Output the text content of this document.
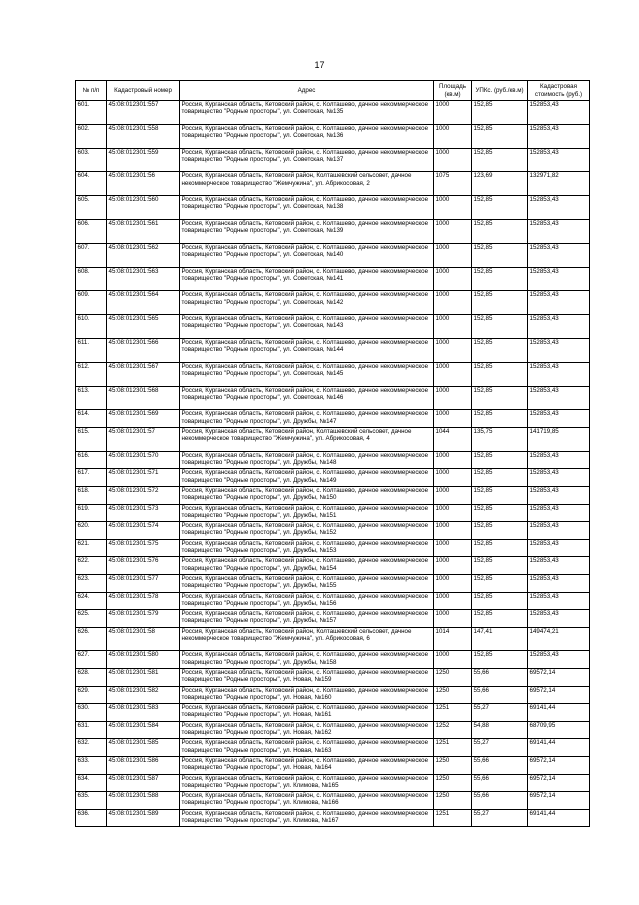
17
№ п/п	Кадастровый номер	Адрес	Площадь (кв.м)	УПКс. (руб./кв.м)	Кадастровая стоимость (руб.)
601.	45:08:012301:557	Россия, Курганская область, Кетовский район, с. Колташево, дачное некоммерческое товарищество "Родные просторы", ул. Советская, №135	1000	152,85	152853,43
602.	45:08:012301:558	Россия, Курганская область, Кетовский район, с. Колташево, дачное некоммерческое товарищество "Родные просторы", ул. Советская, №136	1000	152,85	152853,43
603.	45:08:012301:559	Россия, Курганская область, Кетовский район, с. Колташево, дачное некоммерческое товарищество "Родные просторы", ул. Советская, №137	1000	152,85	152853,43
604.	45:08:012301:56	Россия, Курганская область, Кетовский район, Колташевский сельсовет, дачное некоммерческое товарищество "Жемчужина", ул. Абрикосовая, 2	1075	123,69	132971,82
605.	45:08:012301:560	Россия, Курганская область, Кетовский район, с. Колташево, дачное некоммерческое товарищество "Родные просторы", ул. Советская, №138	1000	152,85	152853,43
606.	45:08:012301:561	Россия, Курганская область, Кетовский район, с. Колташево, дачное некоммерческое товарищество "Родные просторы", ул. Советская, №139	1000	152,85	152853,43
607.	45:08:012301:562	Россия, Курганская область, Кетовский район, с. Колташево, дачное некоммерческое товарищество "Родные просторы", ул. Советская, №140	1000	152,85	152853,43
608.	45:08:012301:563	Россия, Курганская область, Кетовский район, с. Колташево, дачное некоммерческое товарищество "Родные просторы", ул. Советская, №141	1000	152,85	152853,43
609.	45:08:012301:564	Россия, Курганская область, Кетовский район, с. Колташево, дачное некоммерческое товарищество "Родные просторы", ул. Советская, №142	1000	152,85	152853,43
610.	45:08:012301:565	Россия, Курганская область, Кетовский район, с. Колташево, дачное некоммерческое товарищество "Родные просторы", ул. Советская, №143	1000	152,85	152853,43
611.	45:08:012301:566	Россия, Курганская область, Кетовский район, с. Колташево, дачное некоммерческое товарищество "Родные просторы", ул. Советская, №144	1000	152,85	152853,43
612.	45:08:012301:567	Россия, Курганская область, Кетовский район, с. Колташево, дачное некоммерческое товарищество "Родные просторы", ул. Советская, №145	1000	152,85	152853,43
613.	45:08:012301:568	Россия, Курганская область, Кетовский район, с. Колташево, дачное некоммерческое товарищество "Родные просторы", ул. Советская, №146	1000	152,85	152853,43
614.	45:08:012301:569	Россия, Курганская область, Кетовский район, с. Колташево, дачное некоммерческое товарищество "Родные просторы", ул. Дружбы, №147	1000	152,85	152853,43
615.	45:08:012301:57	Россия, Курганская область, Кетовский район, Колташевский сельсовет, дачное некоммерческое товарищество "Жемчужина", ул. Абрикосовая, 4	1044	135,75	141719,85
616.	45:08:012301:570	Россия, Курганская область, Кетовский район, с. Колташево, дачное некоммерческое товарищество "Родные просторы", ул. Дружбы, №148	1000	152,85	152853,43
617.	45:08:012301:571	Россия, Курганская область, Кетовский район, с. Колташево, дачное некоммерческое товарищество "Родные просторы", ул. Дружбы, №149	1000	152,85	152853,43
618.	45:08:012301:572	Россия, Курганская область, Кетовский район, с. Колташево, дачное некоммерческое товарищество "Родные просторы", ул. Дружбы, №150	1000	152,85	152853,43
619.	45:08:012301:573	Россия, Курганская область, Кетовский район, с. Колташево, дачное некоммерческое товарищество "Родные просторы", ул. Дружбы, №151	1000	152,85	152853,43
620.	45:08:012301:574	Россия, Курганская область, Кетовский район, с. Колташево, дачное некоммерческое товарищество "Родные просторы", ул. Дружбы, №152	1000	152,85	152853,43
621.	45:08:012301:575	Россия, Курганская область, Кетовский район, с. Колташево, дачное некоммерческое товарищество "Родные просторы", ул. Дружбы, №153	1000	152,85	152853,43
622.	45:08:012301:576	Россия, Курганская область, Кетовский район, с. Колташево, дачное некоммерческое товарищество "Родные просторы", ул. Дружбы, №154	1000	152,85	152853,43
623.	45:08:012301:577	Россия, Курганская область, Кетовский район, с. Колташево, дачное некоммерческое товарищество "Родные просторы", ул. Дружбы, №155	1000	152,85	152853,43
624.	45:08:012301:578	Россия, Курганская область, Кетовский район, с. Колташево, дачное некоммерческое товарищество "Родные просторы", ул. Дружбы, №156	1000	152,85	152853,43
625.	45:08:012301:579	Россия, Курганская область, Кетовский район, с. Колташево, дачное некоммерческое товарищество "Родные просторы", ул. Дружбы, №157	1000	152,85	152853,43
626.	45:08:012301:58	Россия, Курганская область, Кетовский район, Колташевский сельсовет, дачное некоммерческое товарищество "Жемчужина", ул. Абрикосовая, 6	1014	147,41	149474,21
627.	45:08:012301:580	Россия, Курганская область, Кетовский район, с. Колташево, дачное некоммерческое товарищество "Родные просторы", ул. Дружбы, №158	1000	152,85	152853,43
628.	45:08:012301:581	Россия, Курганская область, Кетовский район, с. Колташево, дачное некоммерческое товарищество "Родные просторы", ул. Новая, №159	1250	55,66	69572,14
629.	45:08:012301:582	Россия, Курганская область, Кетовский район, с. Колташево, дачное некоммерческое товарищество "Родные просторы", ул. Новая, №160	1250	55,66	69572,14
630.	45:08:012301:583	Россия, Курганская область, Кетовский район, с. Колташево, дачное некоммерческое товарищество "Родные просторы", ул. Новая, №161	1251	55,27	69141,44
631.	45:08:012301:584	Россия, Курганская область, Кетовский район, с. Колташево, дачное некоммерческое товарищество "Родные просторы", ул. Новая, №162	1252	54,88	68709,95
632.	45:08:012301:585	Россия, Курганская область, Кетовский район, с. Колташево, дачное некоммерческое товарищество "Родные просторы", ул. Новая, №163	1251	55,27	69141,44
633.	45:08:012301:586	Россия, Курганская область, Кетовский район, с. Колташево, дачное некоммерческое товарищество "Родные просторы", ул. Новая, №164	1250	55,66	69572,14
634.	45:08:012301:587	Россия, Курганская область, Кетовский район, с. Колташево, дачное некоммерческое товарищество "Родные просторы", ул. Климова, №165	1250	55,66	69572,14
635.	45:08:012301:588	Россия, Курганская область, Кетовский район, с. Колташево, дачное некоммерческое товарищество "Родные просторы", ул. Климова, №166	1250	55,66	69572,14
636.	45:08:012301:589	Россия, Курганская область, Кетовский район, с. Колташево, дачное некоммерческое товарищество "Родные просторы", ул. Климова, №167	1251	55,27	69141,44
